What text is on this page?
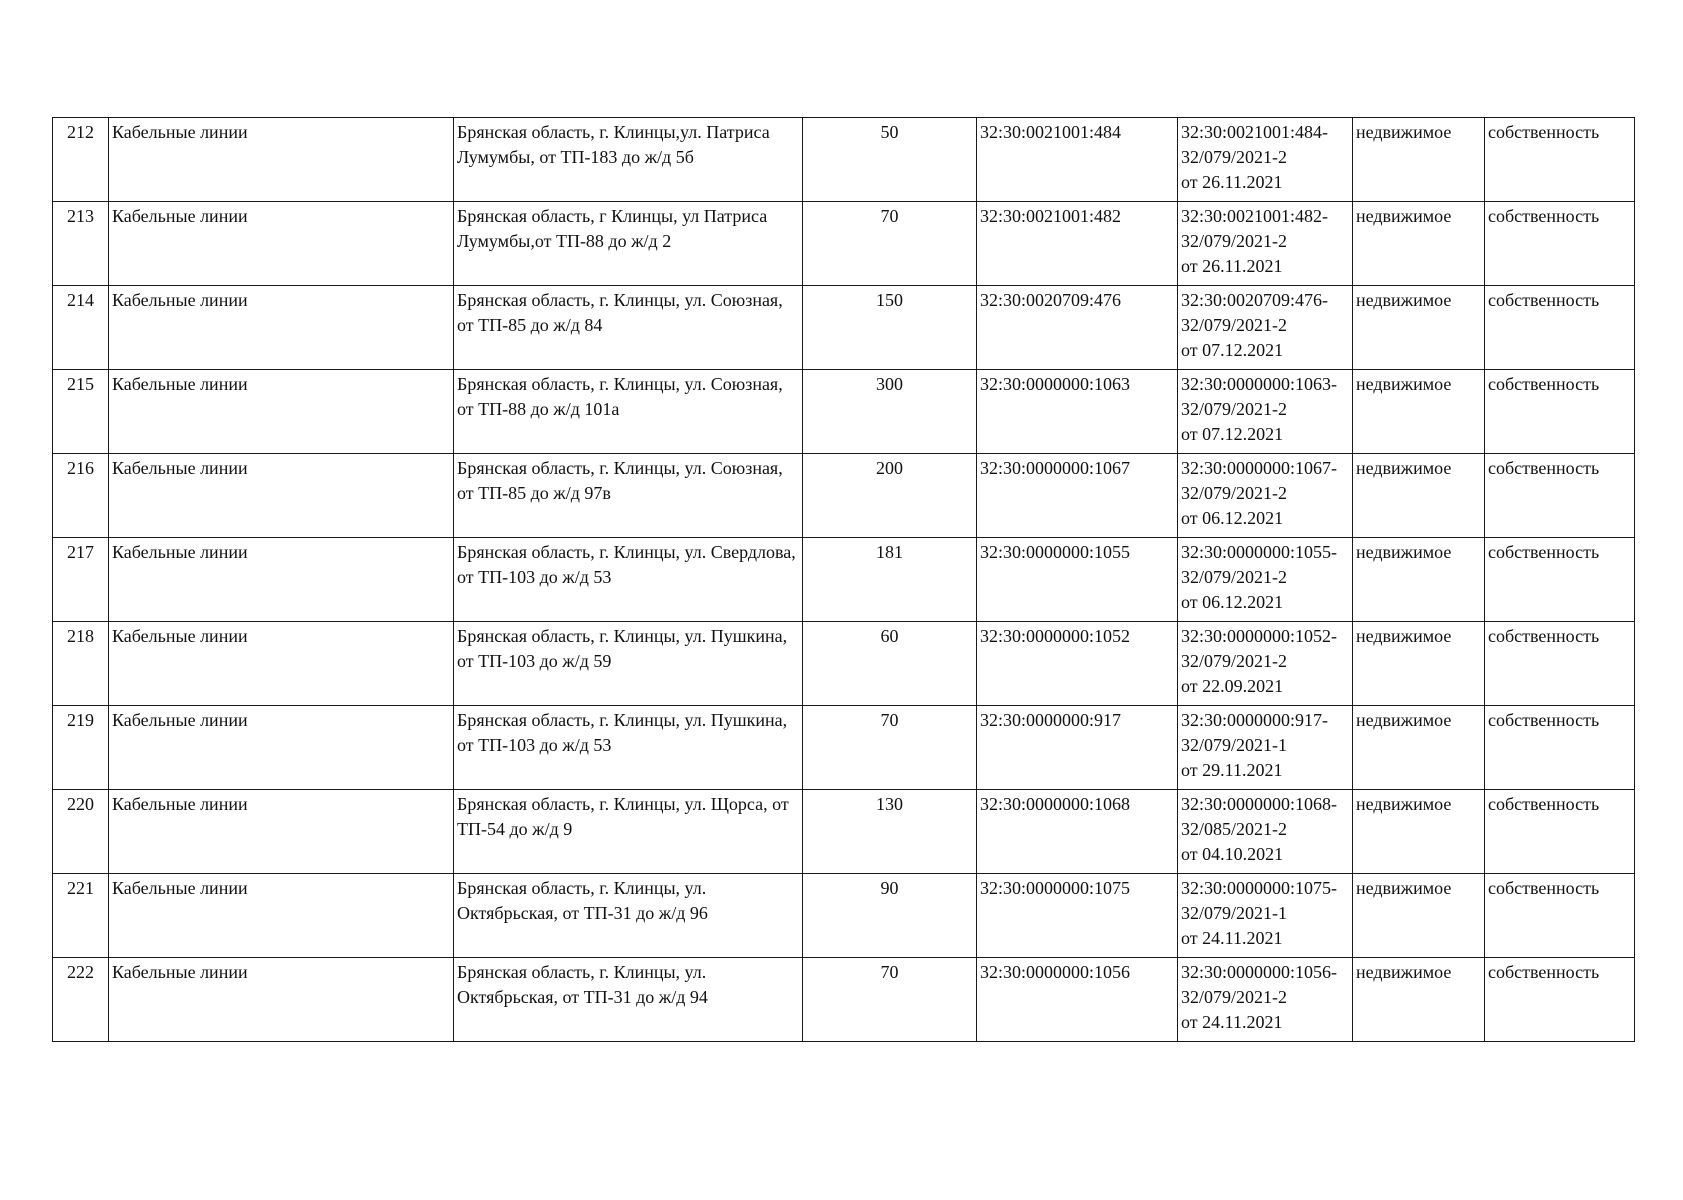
212	Кабельные линии	Брянская область, г. Клинцы,ул. Патриса Лумумбы, от ТП-183 до ж/д 5б	50	32:30:0021001:484	32:30:0021001:484-
32/079/2021-2
от 26.11.2021	недвижимое	собственность
213	Кабельные линии	Брянская область, г Клинцы, ул Патриса Лумумбы,от ТП-88 до ж/д 2	70	32:30:0021001:482	32:30:0021001:482-
32/079/2021-2
от 26.11.2021	недвижимое	собственность
214	Кабельные линии	Брянская область, г. Клинцы, ул. Союзная, от ТП-85 до ж/д 84	150	32:30:0020709:476	32:30:0020709:476-
32/079/2021-2
от 07.12.2021	недвижимое	собственность
215	Кабельные линии	Брянская область, г. Клинцы, ул. Союзная, от ТП-88 до ж/д 101а	300	32:30:0000000:1063	32:30:0000000:1063-
32/079/2021-2
от 07.12.2021	недвижимое	собственность
216	Кабельные линии	Брянская область, г. Клинцы, ул. Союзная, от ТП-85 до ж/д 97в	200	32:30:0000000:1067	32:30:0000000:1067-
32/079/2021-2
от 06.12.2021	недвижимое	собственность
217	Кабельные линии	Брянская область, г. Клинцы, ул. Свердлова, от ТП-103 до ж/д 53	181	32:30:0000000:1055	32:30:0000000:1055-
32/079/2021-2
от 06.12.2021	недвижимое	собственность
218	Кабельные линии	Брянская область, г. Клинцы, ул. Пушкина, от ТП-103 до ж/д 59	60	32:30:0000000:1052	32:30:0000000:1052-
32/079/2021-2
от 22.09.2021	недвижимое	собственность
219	Кабельные линии	Брянская область, г. Клинцы, ул. Пушкина, от ТП-103 до ж/д 53	70	32:30:0000000:917	32:30:0000000:917-
32/079/2021-1
от 29.11.2021	недвижимое	собственность
220	Кабельные линии	Брянская область, г. Клинцы, ул. Щорса, от ТП-54 до ж/д 9	130	32:30:0000000:1068	32:30:0000000:1068-
32/085/2021-2
от 04.10.2021	недвижимое	собственность
221	Кабельные линии	Брянская область, г. Клинцы, ул. Октябрьская, от ТП-31 до ж/д 96	90	32:30:0000000:1075	32:30:0000000:1075-
32/079/2021-1
от 24.11.2021	недвижимое	собственность
222	Кабельные линии	Брянская область, г. Клинцы, ул. Октябрьская, от ТП-31 до ж/д 94	70	32:30:0000000:1056	32:30:0000000:1056-
32/079/2021-2
от 24.11.2021	недвижимое	собственность
